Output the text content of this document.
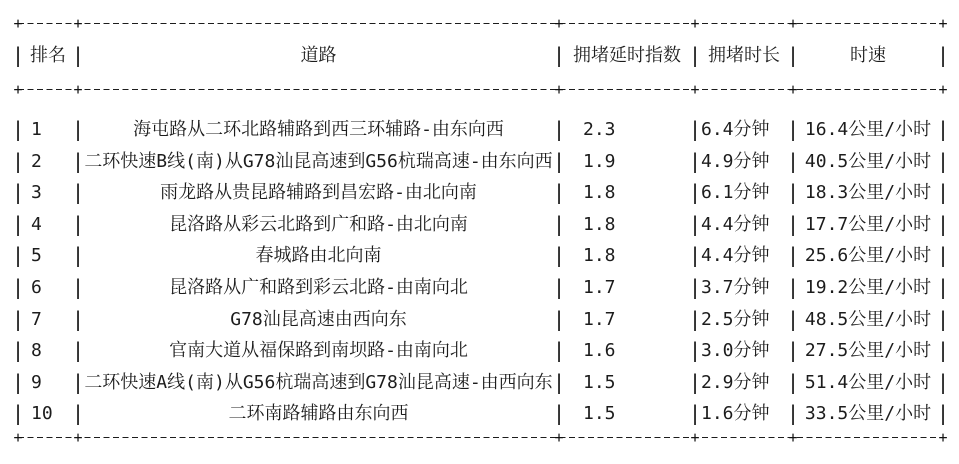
+	+	+	+	+	+
| |	|	|	|	|
排名	道路	拥堵延时指数	拥堵时长	时速
+	+	+	+	+	+
| |	|	|	|	|
1	海屯路从二环北路辅路到西三环辅路-由东向西	2.3	6.4分钟	16.4公里/小时
| |	|	|	|	|
2	二环快速B线(南)从G78汕昆高速到G56杭瑞高速-由东向西	1.9	4.9分钟	40.5公里/小时
| |	|	|	|	|
3	雨龙路从贵昆路辅路到昌宏路-由北向南	1.8	6.1分钟	18.3公里/小时
| |	|	|	|	|
4	昆洛路从彩云北路到广和路-由北向南	1.8	4.4分钟	17.7公里/小时
| |	|	|	|	|
5	春城路由北向南	1.8	4.4分钟	25.6公里/小时
| |	|	|	|	|
6	昆洛路从广和路到彩云北路-由南向北	1.7	3.7分钟	19.2公里/小时
| |	|	|	|	|
7	G78汕昆高速由西向东	1.7	2.5分钟	48.5公里/小时
| |	|	|	|	|
8	官南大道从福保路到南坝路-由南向北	1.6	3.0分钟	27.5公里/小时
| |	|	|	|	|
9	二环快速A线(南)从G56杭瑞高速到G78汕昆高速-由西向东	1.5	2.9分钟	51.4公里/小时
| |	|	|	|	|
10	二环南路辅路由东向西	1.5	1.6分钟	33.5公里/小时
+	+	+	+	+	+
